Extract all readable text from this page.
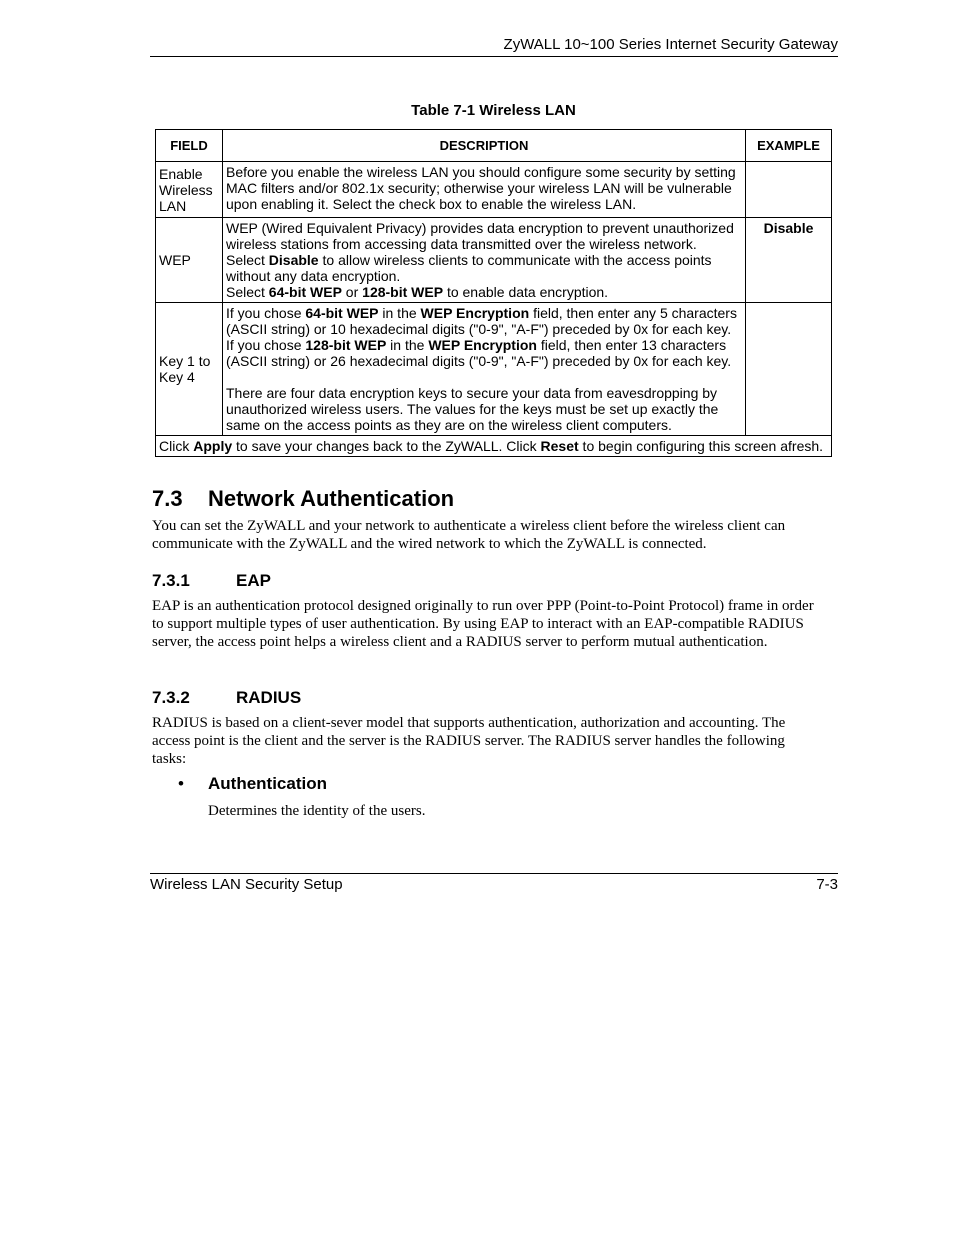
ZyWALL 10~100 Series Internet Security Gateway
Table 7-1 Wireless LAN
FIELD	DESCRIPTION	EXAMPLE
Enable Wireless LAN	Before you enable the wireless LAN you should configure some security by setting MAC filters and/or 802.1x security; otherwise your wireless LAN will be vulnerable upon enabling it. Select the check box to enable the wireless LAN.	
WEP	WEP (Wired Equivalent Privacy) provides data encryption to prevent unauthorized wireless stations from accessing data transmitted over the wireless network.
Select Disable to allow wireless clients to communicate with the access points without any data encryption.
Select 64-bit WEP or 128-bit WEP to enable data encryption.	Disable
Key 1 to Key 4	If you chose 64-bit WEP in the WEP Encryption field, then enter any 5 characters (ASCII string) or 10 hexadecimal digits ("0-9", "A-F") preceded by 0x for each key.
If you chose 128-bit WEP in the WEP Encryption field, then enter 13 characters (ASCII string) or 26 hexadecimal digits ("0-9", "A-F") preceded by 0x for each key.
There are four data encryption keys to secure your data from eavesdropping by unauthorized wireless users. The values for the keys must be set up exactly the same on the access points as they are on the wireless client computers.	

Click Apply to save your changes back to the ZyWALL. Click Reset to begin configuring this screen afresh.		
7.3 Network Authentication

You can set the ZyWALL and your network to authenticate a wireless client before the wireless client can communicate with the ZyWALL and the wired network to which the ZyWALL is connected.

7.3.1	EAP

EAP is an authentication protocol designed originally to run over PPP (Point-to-Point Protocol) frame in order to support multiple types of user authentication. By using EAP to interact with an EAP-compatible RADIUS server, the access point helps a wireless client and a RADIUS server to perform mutual authentication.

7.3.2	RADIUS

RADIUS is based on a client-sever model that supports authentication, authorization and accounting. The access point is the client and the server is the RADIUS server. The RADIUS server handles the following tasks:

• Authentication

Determines the identity of the users.

Wireless LAN Security Setup	7-3
